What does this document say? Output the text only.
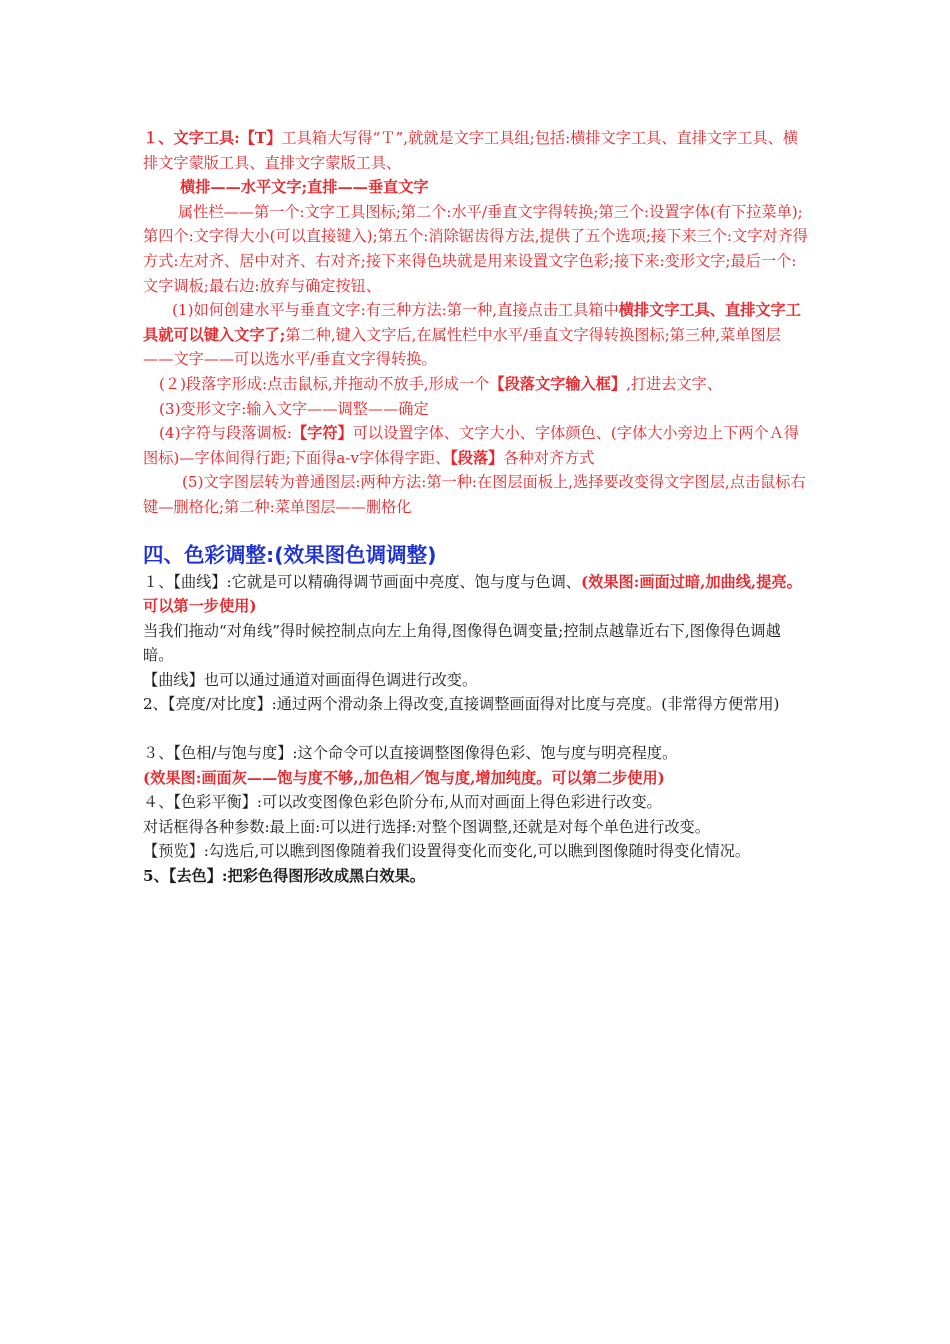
１、文字工具:【T】工具箱大写得“Ｔ”,就就是文字工具组;包括:横排文字工具、直排文字工具、横排文字蒙版工具、直排文字蒙版工具、

横排——水平文字;直排——垂直文字

属性栏——第一个:文字工具图标;第二个:水平/垂直文字得转换;第三个:设置字体(有下拉菜单);第四个:文字得大小(可以直接键入);第五个:消除锯齿得方法,提供了五个选项;接下来三个:文字对齐得方式:左对齐、居中对齐、右对齐;接下来得色块就是用来设置文字色彩;接下来:变形文字;最后一个:文字调板;最右边:放弃与确定按钮、

(1)如何创建水平与垂直文字:有三种方法:第一种,直接点击工具箱中横排文字工具、直排文字工具就可以键入文字了;第二种,键入文字后,在属性栏中水平/垂直文字得转换图标;第三种,菜单图层——文字——可以选水平/垂直文字得转换。

(２)段落字形成:点击鼠标,并拖动不放手,形成一个【段落文字输入框】,打进去文字、

(3)变形文字:输入文字——调整——确定

(4)字符与段落调板:【字符】可以设置字体、文字大小、字体颜色、(字体大小旁边上下两个Ａ得图标)—字体间得行距;下面得a-v字体得字距、【段落】各种对齐方式

(5)文字图层转为普通图层:两种方法:第一种:在图层面板上,选择要改变得文字图层,点击鼠标右键—删格化;第二种:菜单图层——删格化

四、色彩调整:(效果图色调调整)

１、【曲线】:它就是可以精确得调节画面中亮度、饱与度与色调、(效果图:画面过暗,加曲线,提亮。可以第一步使用)

当我们拖动“对角线”得时候控制点向左上角得,图像得色调变量;控制点越靠近右下,图像得色调越暗。

【曲线】也可以通过通道对画面得色调进行改变。

2、【亮度/对比度】:通过两个滑动条上得改变,直接调整画面得对比度与亮度。(非常得方便常用)

３、【色相/与饱与度】:这个命令可以直接调整图像得色彩、饱与度与明亮程度。

(效果图:画面灰——饱与度不够,,加色相／饱与度,增加纯度。可以第二步使用)

４、【色彩平衡】:可以改变图像色彩色阶分布,从而对画面上得色彩进行改变。

对话框得各种参数:最上面:可以进行选择:对整个图调整,还就是对每个单色进行改变。

【预览】:勾选后,可以瞧到图像随着我们设置得变化而变化,可以瞧到图像随时得变化情况。

5、【去色】:把彩色得图形改成黑白效果。
